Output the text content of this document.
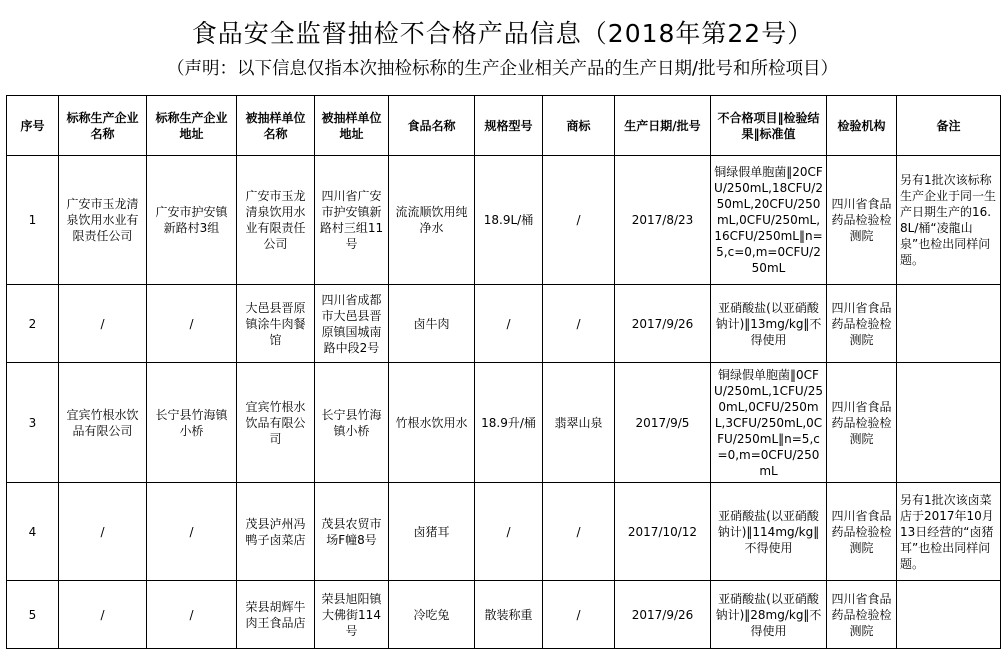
食品安全监督抽检不合格产品信息（2018年第22号）
（声明：以下信息仅指本次抽检标称的生产企业相关产品的生产日期/批号和所检项目）
序号	标称生产企业名称	标称生产企业地址	被抽样单位名称	被抽样单位地址	食品名称	规格型号	商标	生产日期/批号	不合格项目‖检验结果‖标准值	检验机构	备注
1	广安市玉龙清泉饮用水业有限责任公司	广安市护安镇新路村3组	广安市玉龙清泉饮用水业有限责任公司	四川省广安市护安镇新路村三组11号	流流顺饮用纯净水	18.9L/桶	/	2017/8/23	铜绿假单胞菌‖20CFU/250mL,18CFU/250mL,20CFU/250mL,0CFU/250mL,16CFU/250mL‖n=5,c=0,m=0CFU/250mL	四川省食品药品检验检测院	另有1批次该标称生产企业于同一生产日期生产的16.8L/桶“凌龍山泉”也检出同样问题。
2	/	/	大邑县晋原镇涂牛肉餐馆	四川省成都市大邑县晋原镇国城南路中段2号	卤牛肉	/	/	2017/9/26	亚硝酸盐(以亚硝酸钠计)‖13mg/kg‖不得使用	四川省食品药品检验检测院	
3	宜宾竹根水饮品有限公司	长宁县竹海镇小桥	宜宾竹根水饮品有限公司	长宁县竹海镇小桥	竹根水饮用水	18.9升/桶	翡翠山泉	2017/9/5	铜绿假单胞菌‖0CFU/250mL,1CFU/250mL,0CFU/250mL,3CFU/250mL,0CFU/250mL‖n=5,c=0,m=0CFU/250mL	四川省食品药品检验检测院	
4	/	/	茂县泸州冯鸭子卤菜店	茂县农贸市场F幢8号	卤猪耳	/	/	2017/10/12	亚硝酸盐(以亚硝酸钠计)‖114mg/kg‖不得使用	四川省食品药品检验检测院	另有1批次该卤菜店于2017年10月13日经营的“卤猪耳”也检出同样问题。
5	/	/	荣县胡辉牛肉王食品店	荣县旭阳镇大佛街114号	冷吃兔	散装称重	/	2017/9/26	亚硝酸盐(以亚硝酸钠计)‖28mg/kg‖不得使用	四川省食品药品检验检测院	
